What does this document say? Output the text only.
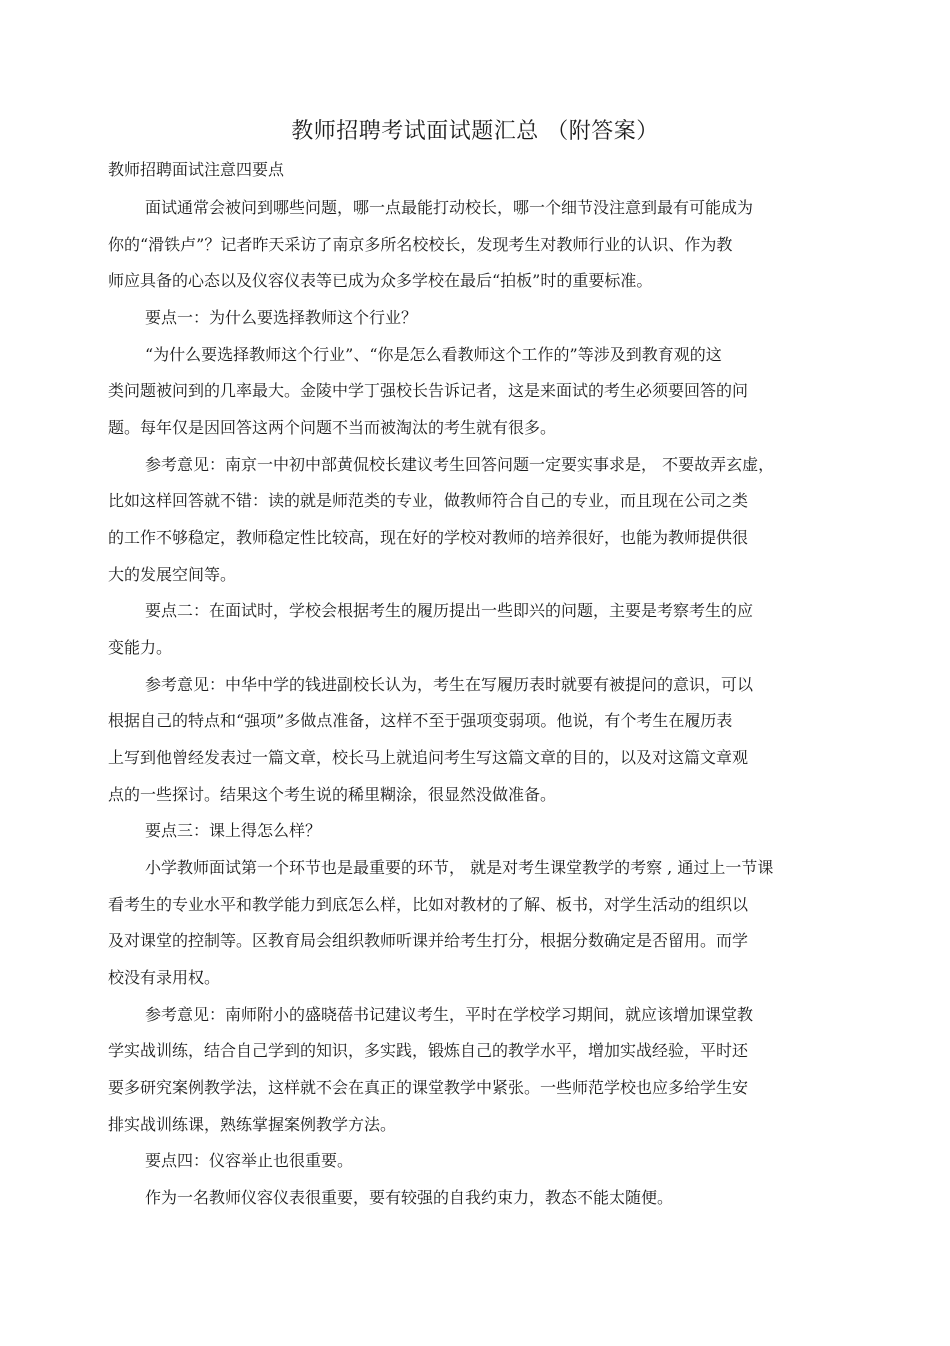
教师招聘考试面试题汇总 （附答案）
教师招聘面试注意四要点
面试通常会被问到哪些问题，哪一点最能打动校长，哪一个细节没注意到最有可能成为
你的“滑铁卢”？记者昨天采访了南京多所名校校长，发现考生对教师行业的认识、作为教
师应具备的心态以及仪容仪表等已成为众多学校在最后“拍板”时的重要标准。
要点一：为什么要选择教师这个行业？
“为什么要选择教师这个行业”、“你是怎么看教师这个工作的”等涉及到教育观的这
类问题被问到的几率最大。金陵中学丁强校长告诉记者，这是来面试的考生必须要回答的问
题。每年仅是因回答这两个问题不当而被淘汰的考生就有很多。
参考意见：南京一中初中部黄侃校长建议考生回答问题一定要实事求是， 不要故弄玄虚，
比如这样回答就不错：读的就是师范类的专业，做教师符合自己的专业，而且现在公司之类
的工作不够稳定，教师稳定性比较高，现在好的学校对教师的培养很好，也能为教师提供很
大的发展空间等。
要点二：在面试时，学校会根据考生的履历提出一些即兴的问题，主要是考察考生的应
变能力。
参考意见：中华中学的钱进副校长认为，考生在写履历表时就要有被提问的意识，可以
根据自己的特点和“强项”多做点准备，这样不至于强项变弱项。他说，有个考生在履历表
上写到他曾经发表过一篇文章，校长马上就追问考生写这篇文章的目的，以及对这篇文章观
点的一些探讨。结果这个考生说的稀里糊涂，很显然没做准备。
要点三：课上得怎么样？
小学教师面试第一个环节也是最重要的环节， 就是对考生课堂教学的考察 , 通过上一节课
看考生的专业水平和教学能力到底怎么样，比如对教材的了解、板书，对学生活动的组织以
及对课堂的控制等。区教育局会组织教师听课并给考生打分，根据分数确定是否留用。而学
校没有录用权。
参考意见：南师附小的盛晓蓓书记建议考生，平时在学校学习期间，就应该增加课堂教
学实战训练，结合自己学到的知识，多实践，锻炼自己的教学水平，增加实战经验，平时还
要多研究案例教学法，这样就不会在真正的课堂教学中紧张。一些师范学校也应多给学生安
排实战训练课，熟练掌握案例教学方法。
要点四：仪容举止也很重要。
作为一名教师仪容仪表很重要，要有较强的自我约束力，教态不能太随便。
